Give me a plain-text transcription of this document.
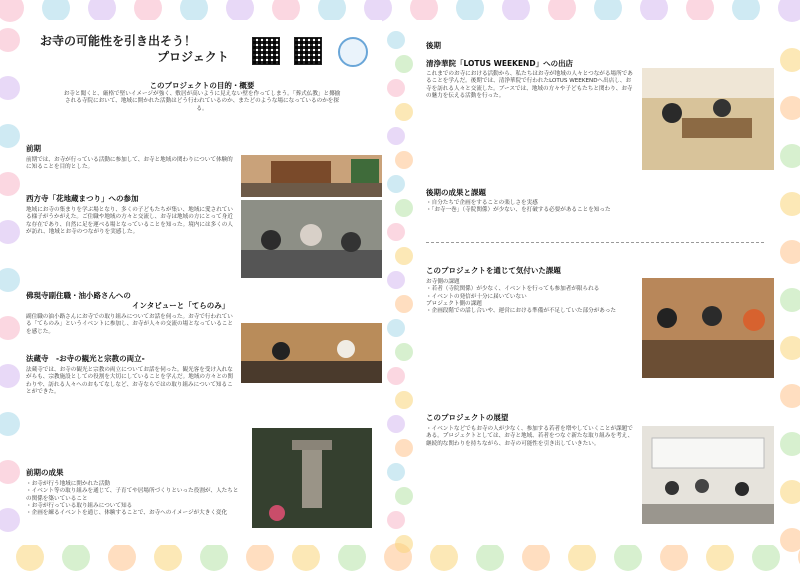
お寺の可能性を引き出そう！
プロジェクト
このプロジェクトの目的・概要
お寺と聞くと、厳格で堅いイメージが強く、敷居が高いように見えない壁を作ってしまう。「葬式仏教」と揶揄される寺院において、地域に開かれた活動はどう行われているのか、またどのような場になっているのかを探る。
前期
前期では、お寺が行っている活動に参加して、お寺と地域の関わりについて体験的に知ることを目的とした。
西方寺「花地蔵まつり」への参加
地域にお寺の集まりを学ぶ場となり、多くの子どもたちが集い、地域に愛されている様子がうかがえた。ご住職や地域の方々と交流し、お寺は地域の方にとって身近な存在であり、自然に足を運べる場となっていることを知った。境内には多くの人が訪れ、地域とお寺のつながりを実感した。
佛現寺副住職・油小路さんへの
インタビューと「てらのみ」
副住職の油小路さんにお寺での取り組みについてお話を伺った。お寺で行われている「てらのみ」というイベントに参加し、お寺が人々の交流の場となっていることを感じた。
法蔵寺　-お寺の観光と宗教の両立-
法蔵寺では、お寺の観光と宗教の両立についてお話を伺った。観光客を受け入れながらも、宗教施設としての役割を大切にしていることを学んだ。地域の方々との関わりや、訪れる人々へのおもてなしなど、お寺ならではの取り組みについて知ることができた。
前期の成果
・お寺が行う地域に開かれた活動
・イベント等の取り組みを通じて、子育てや居場所づくりといった役割が、人たちとの関係を築いていること
・お寺が行っている取り組みについて知る
・企画を練るイベントを通じ、体験することで、お寺へのイメージが大きく変化
後期
清浄華院「LOTUS WEEKEND」への出店
これまでのお寺における活動から、私たちはお寺が地域の人々とつながる場所であることを学んだ。後期では、清浄華院で行われたLOTUS WEEKENDへ出店し、お寺を訪れる人々と交流した。ブースでは、地域の方々や子どもたちと関わり、お寺の魅力を伝える活動を行った。
後期の成果と課題
・自分たちで企画をすることの楽しさを実感
・「お寺一巻」（寺院関係）が少ない、を打破する必要があることを知った
このプロジェクトを通じて気付いた課題
お寺側の課題
・若者（寺院関係）が少なく、イベントを行っても参加者が限られる
・イベントの発信が十分に届いていない
プロジェクト側の課題
・企画段階での話し合いや、運営における準備が不足していた部分があった
このプロジェクトの展望
・イベントなどでもお寺の人が少なく、参加する若者を増やしていくことが課題である。プロジェクトとしては、お寺と地域、若者をつなぐ新たな取り組みを考え、継続的な関わりを持ちながら、お寺の可能性を引き出していきたい。
